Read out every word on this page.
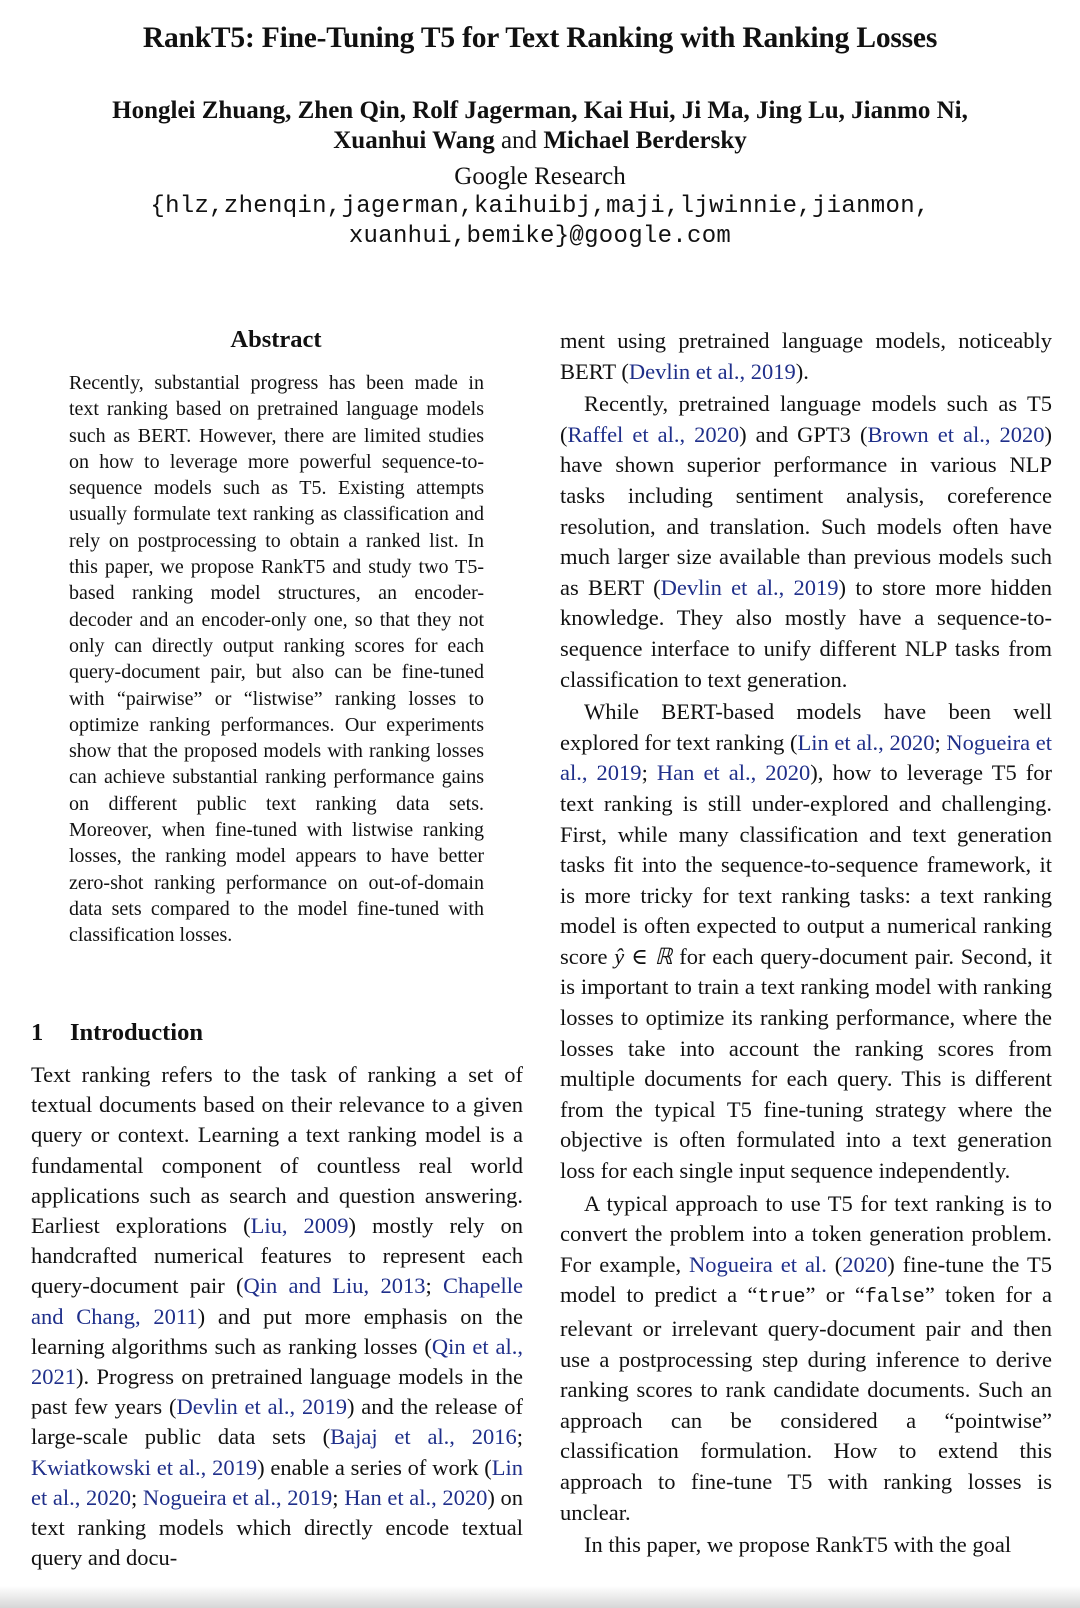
RankT5: Fine-Tuning T5 for Text Ranking with Ranking Losses
Honglei Zhuang, Zhen Qin, Rolf Jagerman, Kai Hui, Ji Ma, Jing Lu, Jianmo Ni,
Xuanhui Wang and Michael Berdersky
Google Research
{hlz,zhenqin,jagerman,kaihuibj,maji,ljwinnie,jianmon,
xuanhui,bemike}@google.com
Abstract

Recently, substantial progress has been made in text ranking based on pretrained language models such as BERT. However, there are limited studies on how to leverage more powerful sequence-to-sequence models such as T5. Existing attempts usually formulate text ranking as classification and rely on postprocessing to obtain a ranked list. In this paper, we propose RankT5 and study two T5-based ranking model structures, an encoder-decoder and an encoder-only one, so that they not only can directly output ranking scores for each query-document pair, but also can be fine-tuned with “pairwise” or “listwise” ranking losses to optimize ranking performances. Our experiments show that the proposed models with ranking losses can achieve substantial ranking performance gains on different public text ranking data sets. Moreover, when fine-tuned with listwise ranking losses, the ranking model appears to have better zero-shot ranking performance on out-of-domain data sets compared to the model fine-tuned with classification losses.

1 Introduction

Text ranking refers to the task of ranking a set of textual documents based on their relevance to a given query or context. Learning a text ranking model is a fundamental component of countless real world applications such as search and question answering. Earliest explorations (Liu, 2009) mostly rely on handcrafted numerical features to represent each query-document pair (Qin and Liu, 2013; Chapelle and Chang, 2011) and put more emphasis on the learning algorithms such as ranking losses (Qin et al., 2021). Progress on pretrained language models in the past few years (Devlin et al., 2019) and the release of large-scale public data sets (Bajaj et al., 2016; Kwiatkowski et al., 2019) enable a series of work (Lin et al., 2020; Nogueira et al., 2019; Han et al., 2020) on text ranking models which directly encode textual query and docu-

ment using pretrained language models, noticeably BERT (Devlin et al., 2019).

Recently, pretrained language models such as T5 (Raffel et al., 2020) and GPT3 (Brown et al., 2020) have shown superior performance in various NLP tasks including sentiment analysis, coreference resolution, and translation. Such models often have much larger size available than previous models such as BERT (Devlin et al., 2019) to store more hidden knowledge. They also mostly have a sequence-to-sequence interface to unify different NLP tasks from classification to text generation.

While BERT-based models have been well explored for text ranking (Lin et al., 2020; Nogueira et al., 2019; Han et al., 2020), how to leverage T5 for text ranking is still under-explored and challenging. First, while many classification and text generation tasks fit into the sequence-to-sequence framework, it is more tricky for text ranking tasks: a text ranking model is often expected to output a numerical ranking score ŷ ∈ ℝ for each query-document pair. Second, it is important to train a text ranking model with ranking losses to optimize its ranking performance, where the losses take into account the ranking scores from multiple documents for each query. This is different from the typical T5 fine-tuning strategy where the objective is often formulated into a text generation loss for each single input sequence independently.

A typical approach to use T5 for text ranking is to convert the problem into a token generation problem. For example, Nogueira et al. (2020) fine-tune the T5 model to predict a “true” or “false” token for a relevant or irrelevant query-document pair and then use a postprocessing step during inference to derive ranking scores to rank candidate documents. Such an approach can be considered a “pointwise” classification formulation. How to extend this approach to fine-tune T5 with ranking losses is unclear.

In this paper, we propose RankT5 with the goal
